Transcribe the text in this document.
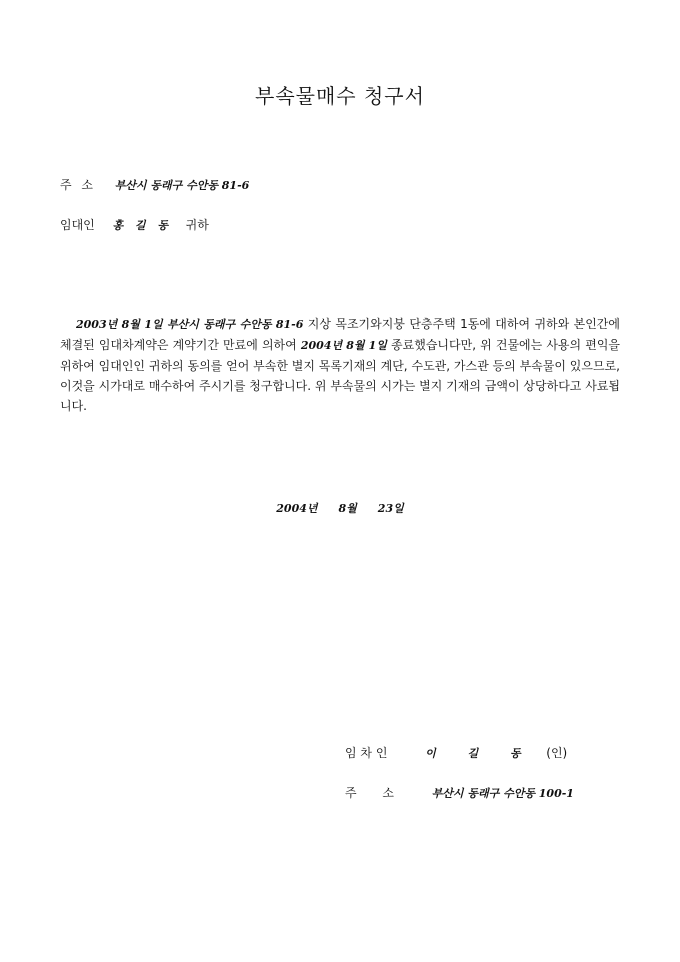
부속물매수 청구서
주 소 부산시 동래구 수안동 81-6
임대인 홍 길 동 귀하
2003년 8월 1일 부산시 동래구 수안동 81-6 지상 목조기와지붕 단층주택 1동에 대하여 귀하와 본인간에 체결된 임대차계약은 계약기간 만료에 의하여 2004년 8월 1일 종료했습니다만, 위 건물에는 사용의 편익을 위하여 임대인인 귀하의 동의를 얻어 부속한 별지 목록기재의 계단, 수도관, 가스관 등의 부속물이 있으므로, 이것을 시가대로 매수하여 주시기를 청구합니다. 위 부속물의 시가는 별지 기재의 금액이 상당하다고 사료됩니다.
2004년 8월 23일
임 차 인	이 길 동 (인)
주 소	부산시 동래구 수안동 100-1
